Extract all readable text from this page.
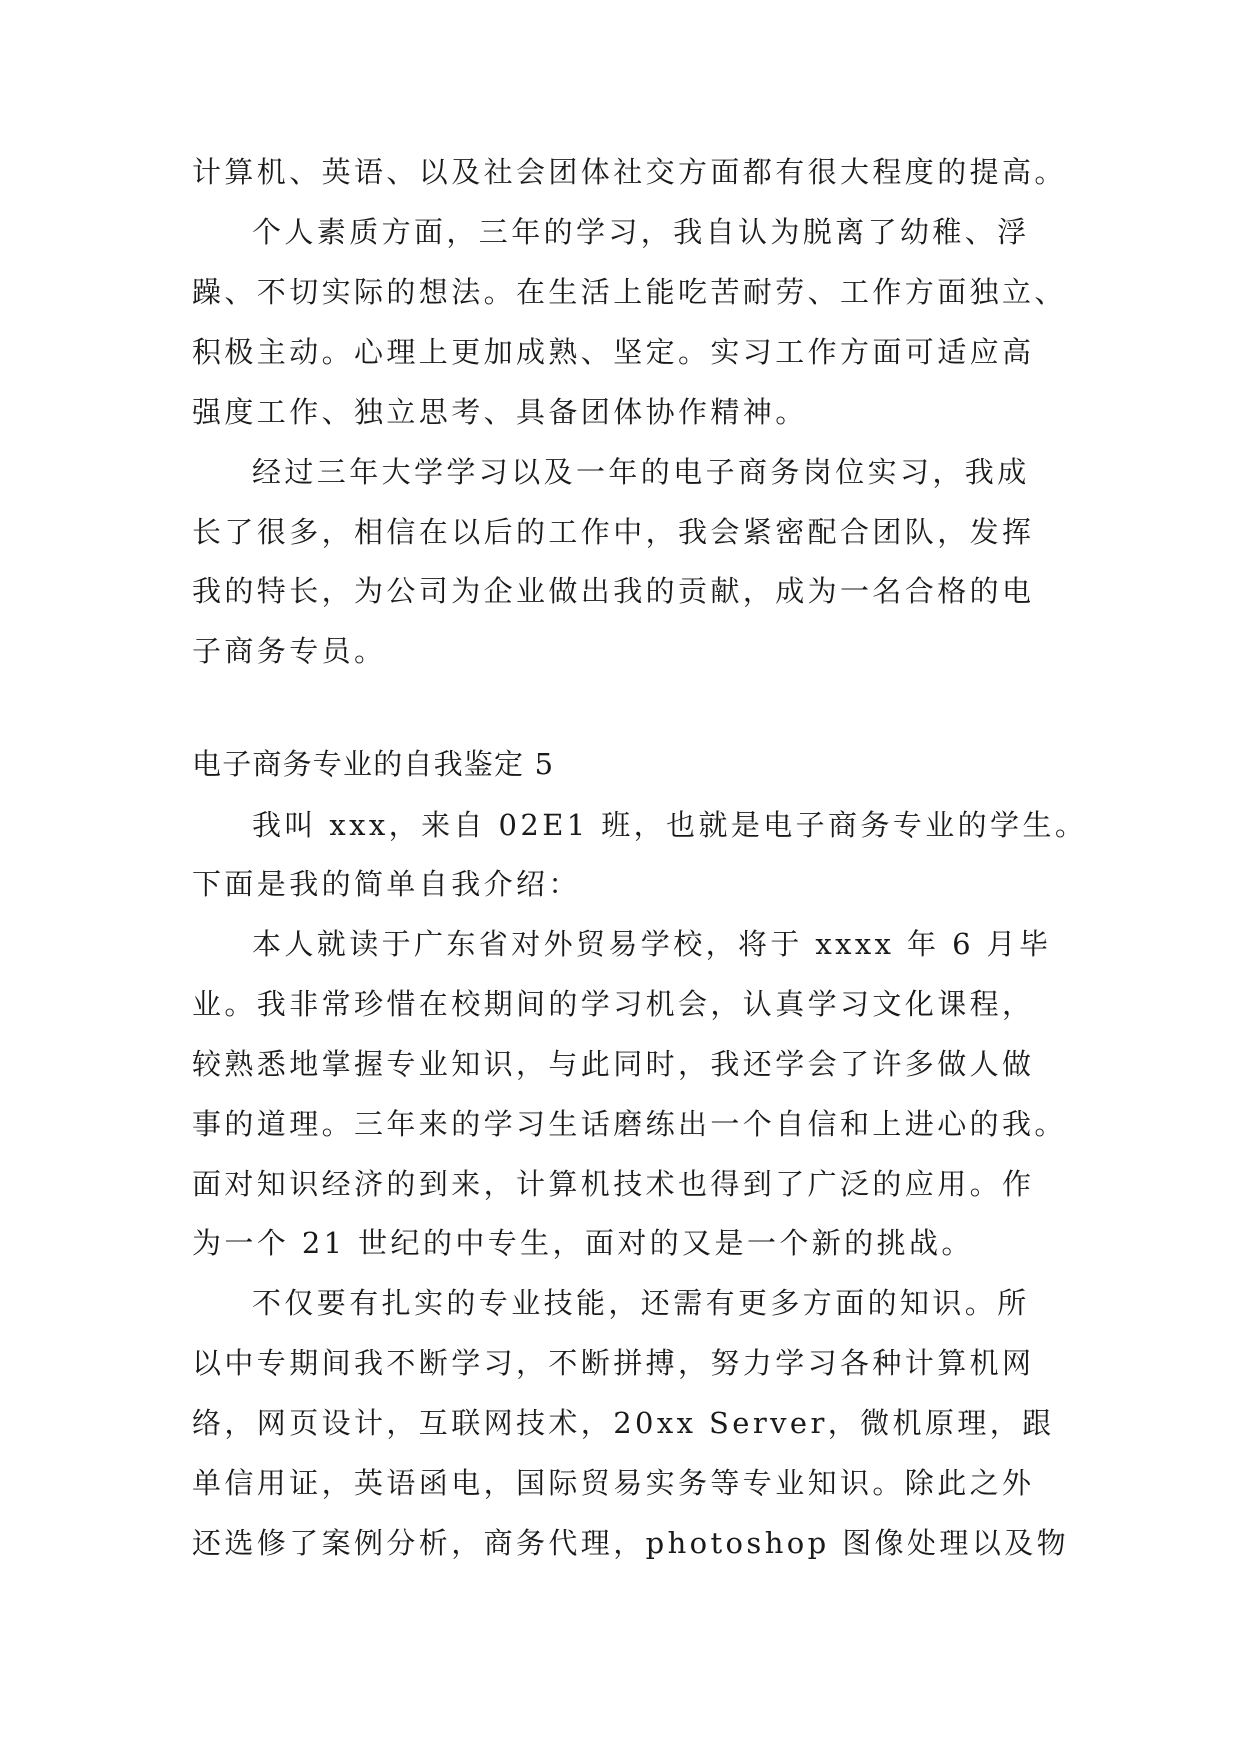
计算机、英语、以及社会团体社交方面都有很大程度的提高。
个人素质方面，三年的学习，我自认为脱离了幼稚、浮
躁、不切实际的想法。在生活上能吃苦耐劳、工作方面独立、
积极主动。心理上更加成熟、坚定。实习工作方面可适应高
强度工作、独立思考、具备团体协作精神。
经过三年大学学习以及一年的电子商务岗位实习，我成
长了很多，相信在以后的工作中，我会紧密配合团队，发挥
我的特长，为公司为企业做出我的贡献，成为一名合格的电
子商务专员。
电子商务专业的自我鉴定 5
我叫 xxx，来自 02E1 班，也就是电子商务专业的学生。
下面是我的简单自我介绍：
本人就读于广东省对外贸易学校，将于 xxxx 年 6 月毕
业。我非常珍惜在校期间的学习机会，认真学习文化课程，
较熟悉地掌握专业知识，与此同时，我还学会了许多做人做
事的道理。三年来的学习生话磨练出一个自信和上进心的我。
面对知识经济的到来，计算机技术也得到了广泛的应用。作
为一个 21 世纪的中专生，面对的又是一个新的挑战。
不仅要有扎实的专业技能，还需有更多方面的知识。所
以中专期间我不断学习，不断拼搏，努力学习各种计算机网
络，网页设计，互联网技术，20xx Server，微机原理，跟
单信用证，英语函电，国际贸易实务等专业知识。除此之外
还选修了案例分析，商务代理，photoshop 图像处理以及物
